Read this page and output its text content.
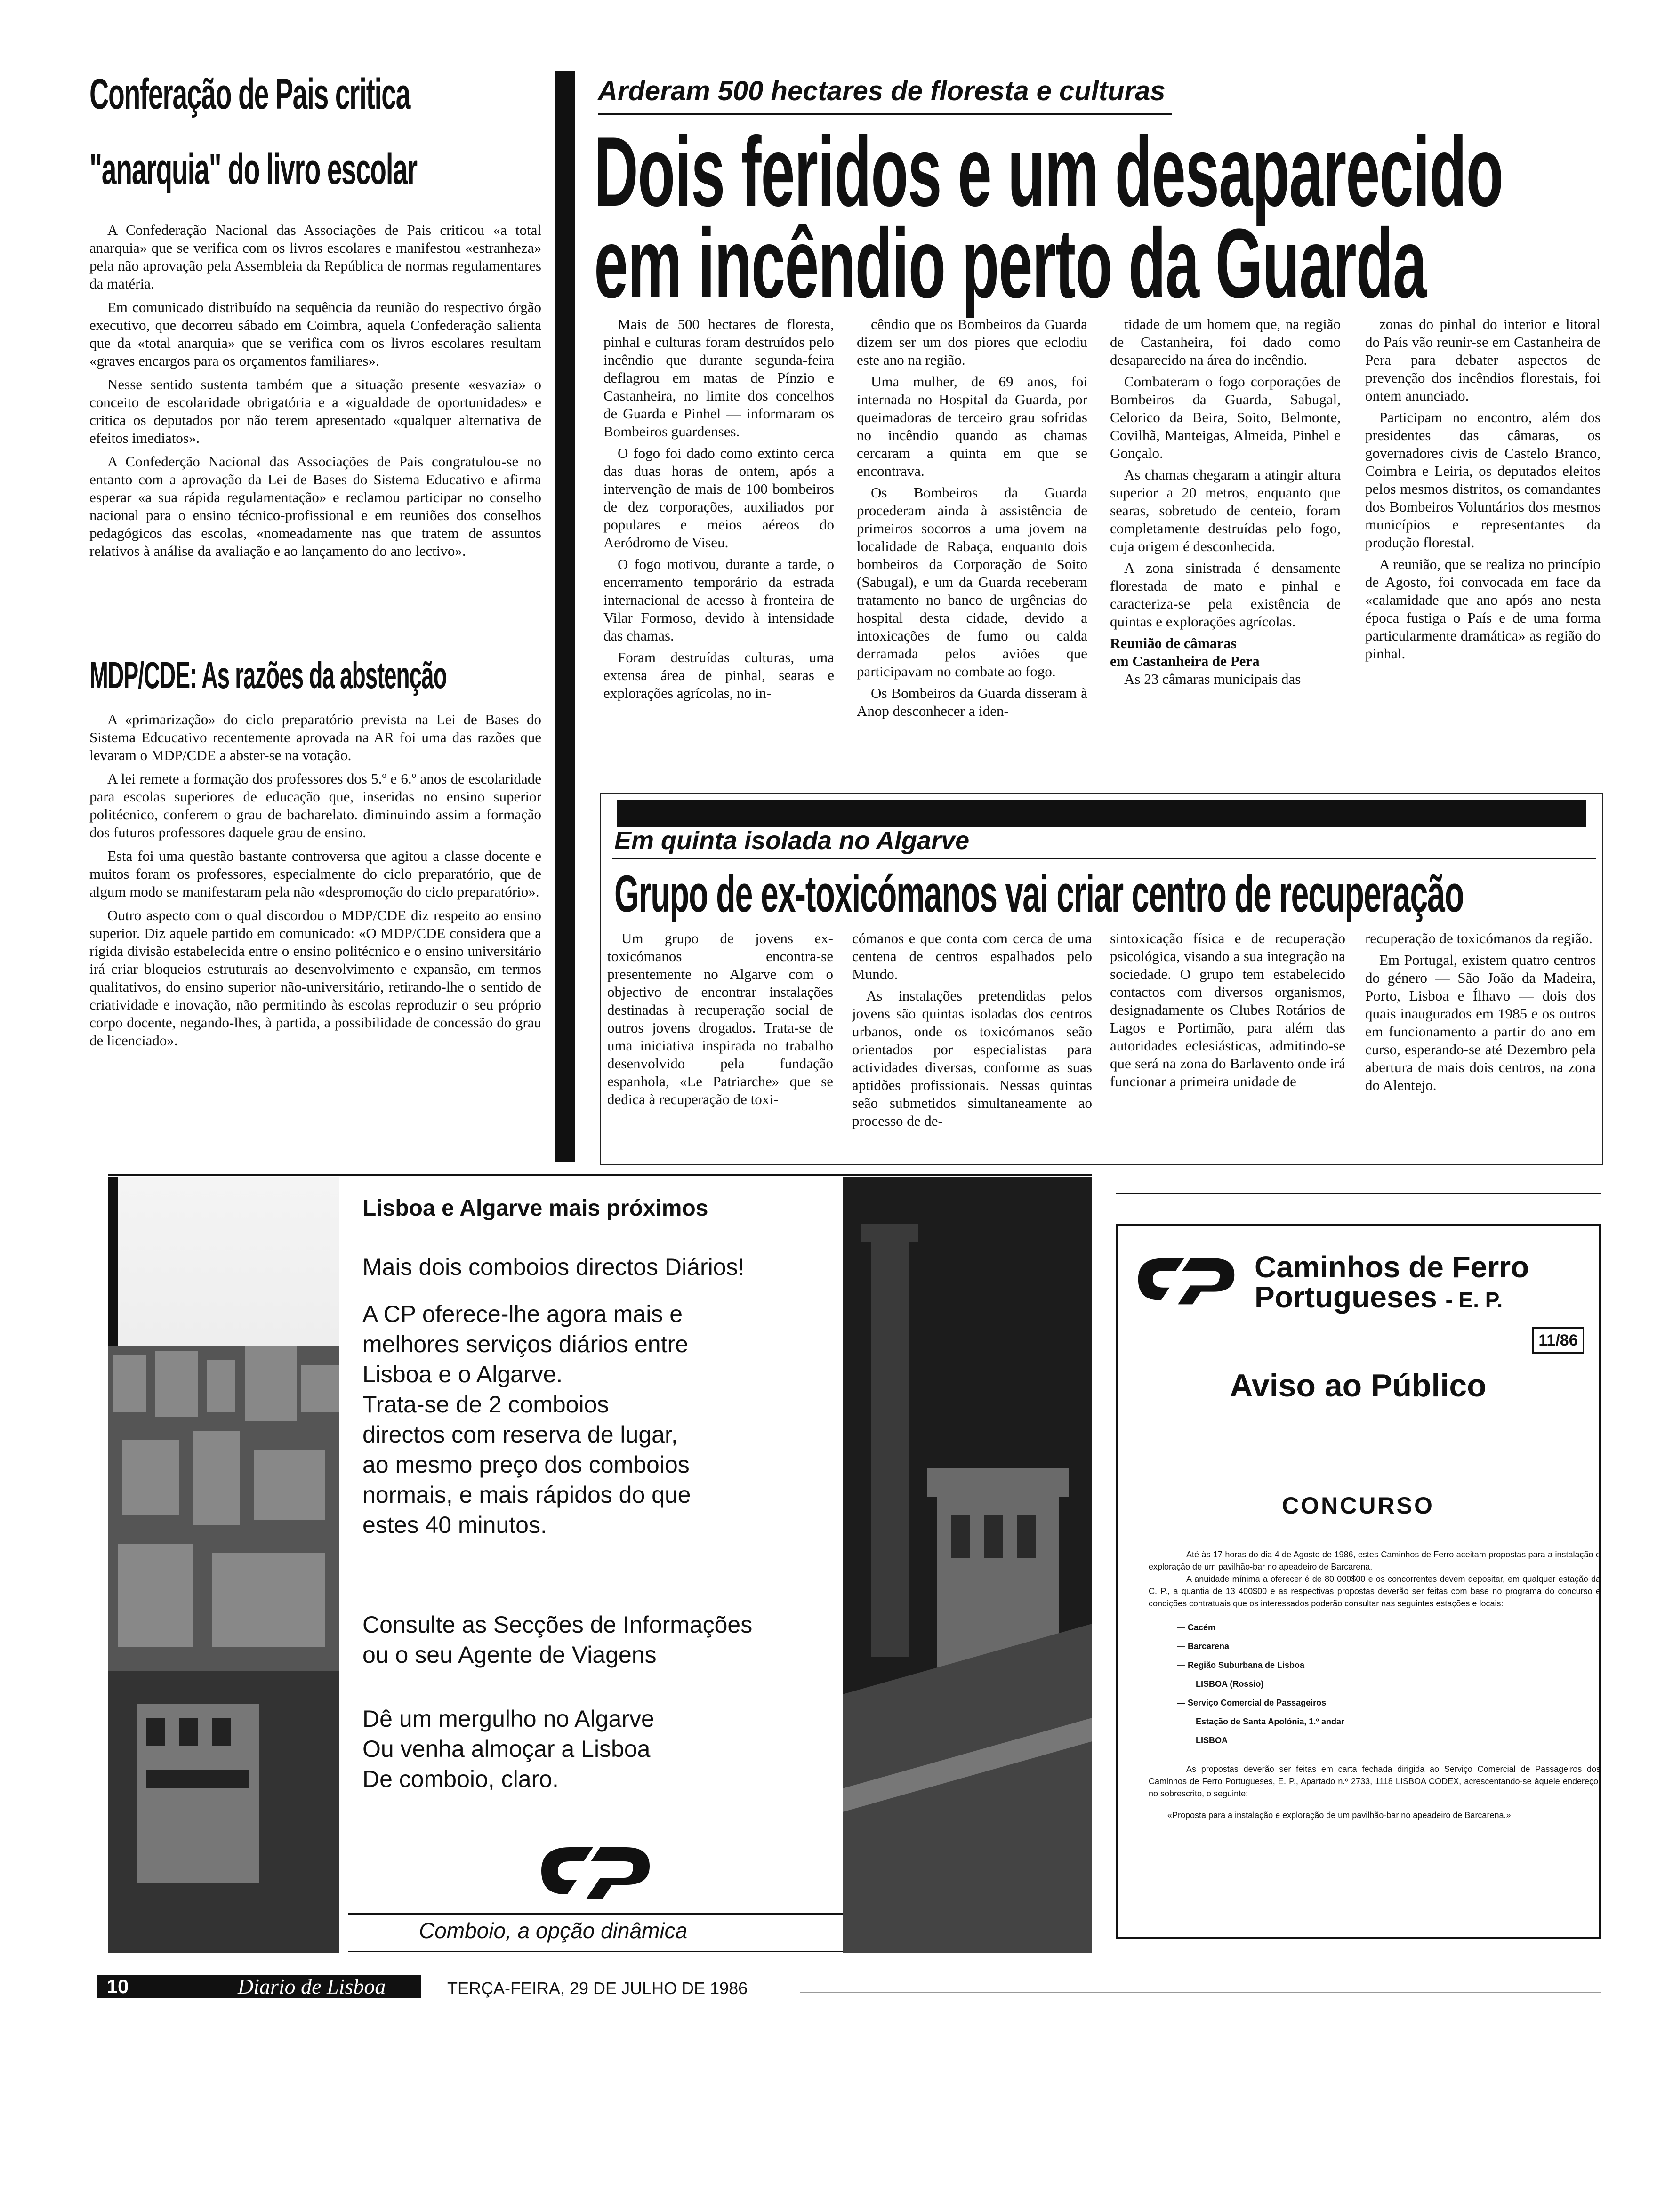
Conferação de Pais critica
"anarquia" do livro escolar

A Confederação Nacional das Associações de Pais criticou «a total anarquia» que se verifica com os livros escolares e manifestou «estranheza» pela não aprovação pela Assembleia da República de normas regulamentares da matéria.

Em comunicado distribuído na sequência da reunião do respectivo órgão executivo, que decorreu sábado em Coimbra, aquela Confederação salienta que da «total anarquia» que se verifica com os livros escolares resultam «graves encargos para os orçamentos familiares».

Nesse sentido sustenta também que a situação presente «esvazia» o conceito de escolaridade obrigatória e a «igualdade de oportunidades» e critica os deputados por não terem apresentado «qualquer alternativa de efeitos imediatos».

A Confederção Nacional das Associações de Pais congratulou-se no entanto com a aprovação da Lei de Bases do Sistema Educativo e afirma esperar «a sua rápida regulamentação» e reclamou participar no conselho nacional para o ensino técnico-profissional e em reuniões dos conselhos pedagógicos das escolas, «nomeadamente nas que tratem de assuntos relativos à análise da avaliação e ao lançamento do ano lectivo».

MDP/CDE: As razões da abstenção

A «primarização» do ciclo preparatório prevista na Lei de Bases do Sistema Edcucativo recentemente aprovada na AR foi uma das razões que levaram o MDP/CDE a abster-se na votação.

A lei remete a formação dos professores dos 5.º e 6.º anos de escolaridade para escolas superiores de educação que, inseridas no ensino superior politécnico, conferem o grau de bacharelato. diminuindo assim a formação dos futuros professores daquele grau de ensino.

Esta foi uma questão bastante controversa que agitou a classe docente e muitos foram os professores, especialmente do ciclo preparatório, que de algum modo se manifestaram pela não «despromoção do ciclo preparatório».

Outro aspecto com o qual discordou o MDP/CDE diz respeito ao ensino superior. Diz aquele partido em comunicado: «O MDP/CDE considera que a rígida divisão estabelecida entre o ensino politécnico e o ensino universitário irá criar bloqueios estruturais ao desenvolvimento e expansão, em termos qualitativos, do ensino superior não-universitário, retirando-lhe o sentido de criatividade e inovação, não permitindo às escolas reproduzir o seu próprio corpo docente, negando-lhes, à partida, a possibilidade de concessão do grau de licenciado».

Arderam 500 hectares de floresta e culturas
Dois feridos e um desaparecido
em incêndio perto da Guarda

Mais de 500 hectares de floresta, pinhal e culturas foram destruídos pelo incêndio que durante segunda-feira deflagrou em matas de Pínzio e Castanheira, no limite dos concelhos de Guarda e Pinhel — informaram os Bombeiros guardenses.

O fogo foi dado como extinto cerca das duas horas de ontem, após a intervenção de mais de 100 bombeiros de dez corporações, auxiliados por populares e meios aéreos do Aeródromo de Viseu.

O fogo motivou, durante a tarde, o encerramento temporário da estrada internacional de acesso à fronteira de Vilar Formoso, devido à intensidade das chamas.

Foram destruídas culturas, uma extensa área de pinhal, searas e explorações agrícolas, no in-

cêndio que os Bombeiros da Guarda dizem ser um dos piores que eclodiu este ano na região.

Uma mulher, de 69 anos, foi internada no Hospital da Guarda, por queimadoras de terceiro grau sofridas no incêndio quando as chamas cercaram a quinta em que se encontrava.

Os Bombeiros da Guarda procederam ainda à assistência de primeiros socorros a uma jovem na localidade de Rabaça, enquanto dois bombeiros da Corporação de Soito (Sabugal), e um da Guarda receberam tratamento no banco de urgências do hospital desta cidade, devido a intoxicações de fumo ou calda derramada pelos aviões que participavam no combate ao fogo.

Os Bombeiros da Guarda disseram à Anop desconhecer a iden-

tidade de um homem que, na região de Castanheira, foi dado como desaparecido na área do incêndio.

Combateram o fogo corporações de Bombeiros da Guarda, Sabugal, Celorico da Beira, Soito, Belmonte, Covilhã, Manteigas, Almeida, Pinhel e Gonçalo.

As chamas chegaram a atingir altura superior a 20 metros, enquanto que searas, sobretudo de centeio, foram completamente destruídas pelo fogo, cuja origem é desconhecida.

A zona sinistrada é densamente florestada de mato e pinhal e caracteriza-se pela existência de quintas e explorações agrícolas.

Reunião de câmaras
em Castanheira de Pera

As 23 câmaras municipais das

zonas do pinhal do interior e litoral do País vão reunir-se em Castanheira de Pera para debater aspectos de prevenção dos incêndios florestais, foi ontem anunciado.

Participam no encontro, além dos presidentes das câmaras, os governadores civis de Castelo Branco, Coimbra e Leiria, os deputados eleitos pelos mesmos distritos, os comandantes dos Bombeiros Voluntários dos mesmos municípios e representantes da produção florestal.

A reunião, que se realiza no princípio de Agosto, foi convocada em face da «calamidade que ano após ano nesta época fustiga o País e de uma forma particularmente dramática» as região do pinhal.

Em quinta isolada no Algarve
Grupo de ex-toxicómanos vai criar centro de recuperação

Um grupo de jovens ex-toxicómanos encontra-se presentemente no Algarve com o objectivo de encontrar instalações destinadas à recuperação social de outros jovens drogados. Trata-se de uma iniciativa inspirada no trabalho desenvolvido pela fundação espanhola, «Le Patriarche» que se dedica à recuperação de toxi-

cómanos e que conta com cerca de uma centena de centros espalhados pelo Mundo.

As instalações pretendidas pelos jovens são quintas isoladas dos centros urbanos, onde os toxicómanos seão orientados por especialistas para actividades diversas, conforme as suas aptidões profissionais. Nessas quintas seão submetidos simultaneamente ao processo de de-

sintoxicação física e de recuperação psicológica, visando a sua integração na sociedade. O grupo tem estabelecido contactos com diversos organismos, designadamente os Clubes Rotários de Lagos e Portimão, para além das autoridades eclesiásticas, admitindo-se que será na zona do Barlavento onde irá funcionar a primeira unidade de

recuperação de toxicómanos da região.

Em Portugal, existem quatro centros do género — São João da Madeira, Porto, Lisboa e Ílhavo — dois dos quais inaugurados em 1985 e os outros em funcionamento a partir do ano em curso, esperando-se até Dezembro pela abertura de mais dois centros, na zona do Alentejo.

Lisboa e Algarve mais próximos
Mais dois comboios directos Diários!
A CP oferece-lhe agora mais e
melhores serviços diários entre
Lisboa e o Algarve.
Trata-se de 2 comboios
directos com reserva de lugar,
ao mesmo preço dos comboios
normais, e mais rápidos do que
estes 40 minutos.
Consulte as Secções de Informações
ou o seu Agente de Viagens
Dê um mergulho no Algarve
Ou venha almoçar a Lisboa
De comboio, claro.
Comboio, a opção dinâmica
Caminhos de Ferro
Portugueses - E. P.
11/86
Aviso ao Público
CONCURSO

Até às 17 horas do dia 4 de Agosto de 1986, estes Caminhos de Ferro aceitam propostas para a instalação e exploração de um pavilhão-bar no apeadeiro de Barcarena.

A anuidade mínima a oferecer é de 80 000$00 e os concorrentes devem depositar, em qualquer estação da C. P., a quantia de 13 400$00 e as respectivas propostas deverão ser feitas com base no programa do concurso e condições contratuais que os interessados poderão consultar nas seguintes estações e locais:

— Cacém
— Barcarena
— Região Suburbana de Lisboa
LISBOA (Rossio)
— Serviço Comercial de Passageiros
Estação de Santa Apolónia, 1.º andar
LISBOA

As propostas deverão ser feitas em carta fechada dirigida ao Serviço Comercial de Passageiros dos Caminhos de Ferro Portugueses, E. P., Apartado n.º 2733, 1118 LISBOA CODEX, acrescentando-se àquele endereço, no sobrescrito, o seguinte:

«Proposta para a instalação e exploração de um pavilhão-bar no apeadeiro de Barcarena.»

10	Diario de Lisboa	TERÇA-FEIRA, 29 DE JULHO DE 1986
